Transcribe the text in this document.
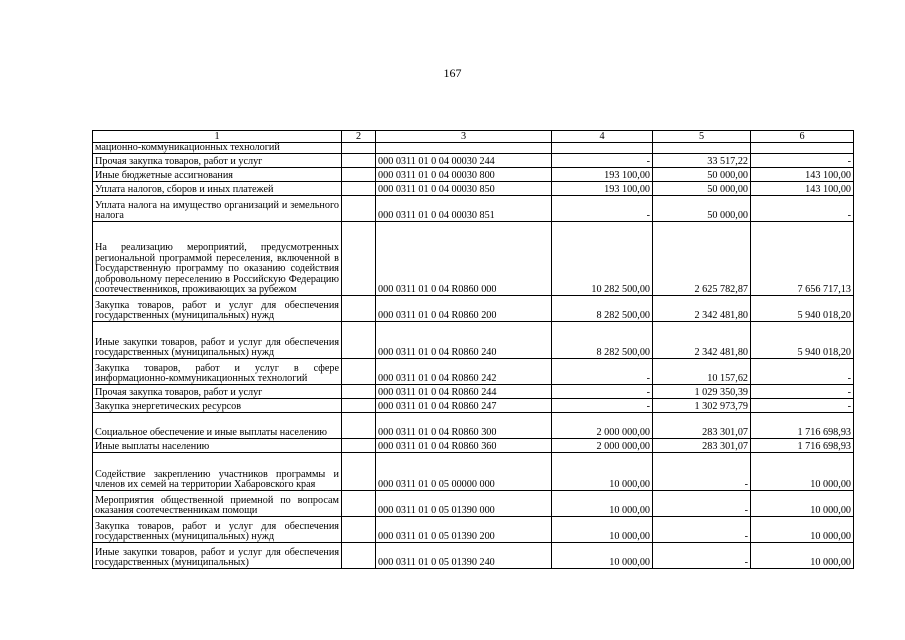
167
1	2	3	4	5	6
мационно-коммуникационных технологий					
Прочая закупка товаров, работ и услуг		000 0311 01 0 04 00030 244	-	33 517,22	-
Иные бюджетные ассигнования		000 0311 01 0 04 00030 800	193 100,00	50 000,00	143 100,00
Уплата налогов, сборов и иных платежей		000 0311 01 0 04 00030 850	193 100,00	50 000,00	143 100,00
Уплата налога на имущество организаций и земельного налога		000 0311 01 0 04 00030 851	-	50 000,00	-
На реализацию мероприятий, предусмотренных региональной программой переселения, включенной в Государственную программу по оказанию содействия добровольному переселению в Российскую Федерацию соотечественников, проживающих за рубежом		000 0311 01 0 04 R0860 000	10 282 500,00	2 625 782,87	7 656 717,13
Закупка товаров, работ и услуг для обеспечения государственных (муниципальных) нужд		000 0311 01 0 04 R0860 200	8 282 500,00	2 342 481,80	5 940 018,20
Иные закупки товаров, работ и услуг для обеспечения государственных (муниципальных) нужд		000 0311 01 0 04 R0860 240	8 282 500,00	2 342 481,80	5 940 018,20
Закупка товаров, работ и услуг в сфере информационно-коммуникационных технологий		000 0311 01 0 04 R0860 242	-	10 157,62	-
Прочая закупка товаров, работ и услуг		000 0311 01 0 04 R0860 244	-	1 029 350,39	-
Закупка энергетических ресурсов		000 0311 01 0 04 R0860 247	-	1 302 973,79	-
Социальное обеспечение и иные выплаты населению		000 0311 01 0 04 R0860 300	2 000 000,00	283 301,07	1 716 698,93
Иные выплаты населению		000 0311 01 0 04 R0860 360	2 000 000,00	283 301,07	1 716 698,93
Содействие закреплению участников программы и членов их семей на территории Хабаровского края		000 0311 01 0 05 00000 000	10 000,00	-	10 000,00
Мероприятия общественной приемной по вопросам оказания соотечественникам помощи		000 0311 01 0 05 01390 000	10 000,00	-	10 000,00
Закупка товаров, работ и услуг для обеспечения государственных (муниципальных) нужд		000 0311 01 0 05 01390 200	10 000,00	-	10 000,00
Иные закупки товаров, работ и услуг для обеспечения государственных (муниципальных)		000 0311 01 0 05 01390 240	10 000,00	-	10 000,00
